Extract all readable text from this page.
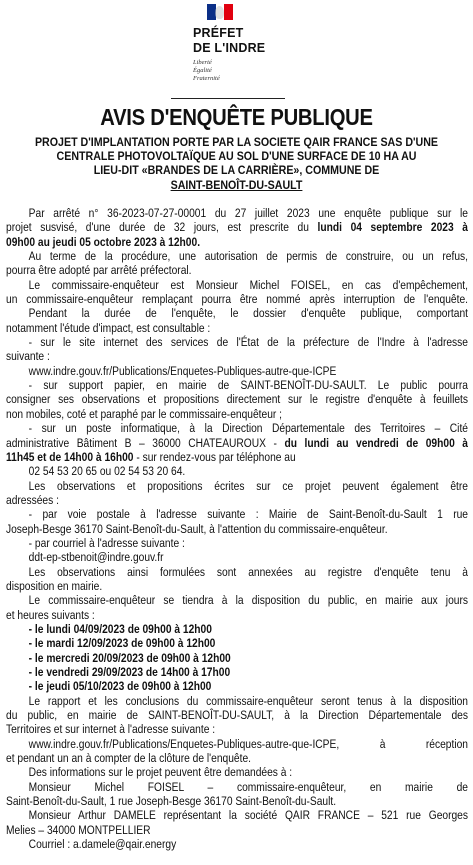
PRÉFET
DE L'INDRE
Liberté
Égalité
Fraternité
AVIS D'ENQUÊTE PUBLIQUE
PROJET D'IMPLANTATION PORTE PAR LA SOCIETE QAIR FRANCE SAS D'UNE
CENTRALE PHOTOVOLTAÏQUE AU SOL D'UNE SURFACE DE 10 HA AU
LIEU-DIT «BRANDES DE LA CARRIÈRE», COMMUNE DE
SAINT-BENOÎT-DU-SAULT
Par arrêté n° 36-2023-07-27-00001 du 27 juillet 2023 une enquête publique sur le
projet susvisé, d'une durée de 32 jours, est prescrite du lundi 04 septembre 2023 à
09h00 au jeudi 05 octobre 2023 à 12h00.
Au terme de la procédure, une autorisation de permis de construire, ou un refus,
pourra être adopté par arrêté préfectoral.
Le commissaire-enquêteur est Monsieur Michel FOISEL, en cas d'empêchement,
un commissaire-enquêteur remplaçant pourra être nommé après interruption de l'enquête.
Pendant la durée de l'enquête, le dossier d'enquête publique, comportant
notamment l'étude d'impact, est consultable :
- sur le site internet des services de l'État de la préfecture de l'Indre à l'adresse
suivante :
www.indre.gouv.fr/Publications/Enquetes-Publiques-autre-que-ICPE
- sur support papier, en mairie de SAINT-BENOÎT-DU-SAULT. Le public pourra
consigner ses observations et propositions directement sur le registre d'enquête à feuillets
non mobiles, coté et paraphé par le commissaire-enquêteur ;
- sur un poste informatique, à la Direction Départementale des Territoires – Cité
administrative Bâtiment B – 36000 CHATEAUROUX - du lundi au vendredi de 09h00 à
11h45 et de 14h00 à 16h00 - sur rendez-vous par téléphone au
02 54 53 20 65 ou 02 54 53 20 64.
Les observations et propositions écrites sur ce projet peuvent également être
adressées :
- par voie postale à l'adresse suivante : Mairie de Saint-Benoît-du-Sault 1 rue
Joseph-Besge 36170 Saint-Benoît-du-Sault, à l'attention du commissaire-enquêteur.
- par courriel à l'adresse suivante :
ddt-ep-stbenoit@indre.gouv.fr
Les observations ainsi formulées sont annexées au registre d'enquête tenu à
disposition en mairie.
Le commissaire-enquêteur se tiendra à la disposition du public, en mairie aux jours
et heures suivants :
- le lundi 04/09/2023 de 09h00 à 12h00
- le mardi 12/09/2023 de 09h00 à 12h00
- le mercredi 20/09/2023 de 09h00 à 12h00
- le vendredi 29/09/2023 de 14h00 à 17h00
- le jeudi 05/10/2023 de 09h00 à 12h00
Le rapport et les conclusions du commissaire-enquêteur seront tenus à la disposition
du public, en mairie de SAINT-BENOÎT-DU-SAULT, à la Direction Départementale des
Territoires et sur internet à l'adresse suivante :
www.indre.gouv.fr/Publications/Enquetes-Publiques-autre-que-ICPE, à réception
et pendant un an à compter de la clôture de l'enquête.
Des informations sur le projet peuvent être demandées à :
Monsieur Michel FOISEL – commissaire-enquêteur, en mairie de
Saint-Benoît-du-Sault, 1 rue Joseph-Besge 36170 Saint-Benoît-du-Sault.
Monsieur Arthur DAMELE représentant la société QAIR FRANCE – 521 rue Georges
Melies – 34000 MONTPELLIER
Courriel : a.damele@qair.energy
